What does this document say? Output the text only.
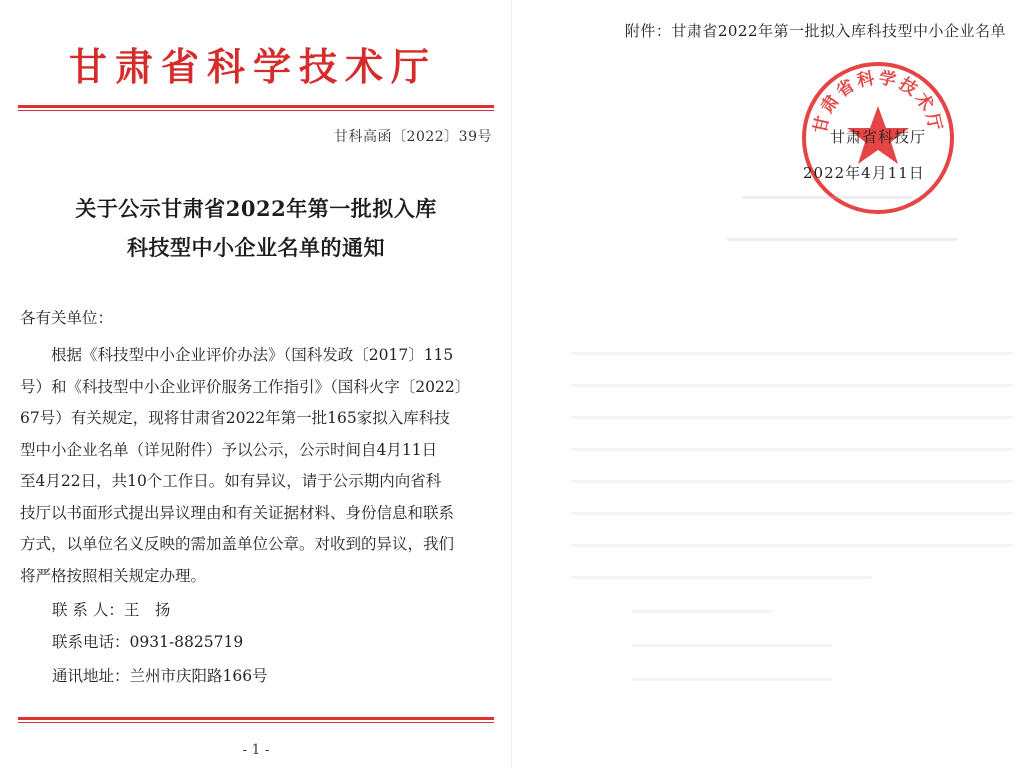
甘肃省科学技术厅
甘科高函〔2022〕39号
关于公示甘肃省2022年第一批拟入库
科技型中小企业名单的通知
各有关单位：
　　根据《科技型中小企业评价办法》（国科发政〔2017〕115
号）和《科技型中小企业评价服务工作指引》（国科火字〔2022〕
67号）有关规定，现将甘肃省2022年第一批165家拟入库科技
型中小企业名单（详见附件）予以公示，公示时间自4月11日
至4月22日，共10个工作日。如有异议，请于公示期内向省科
技厅以书面形式提出异议理由和有关证据材料、身份信息和联系
方式，以单位名义反映的需加盖单位公章。对收到的异议，我们
将严格按照相关规定办理。
联 系 人：王　扬
联系电话：0931-8825719
通讯地址：兰州市庆阳路166号
- 1 -
附件：甘肃省2022年第一批拟入库科技型中小企业名单
甘肃省科学技术厅
甘肃省科技厅
2022年4月11日
